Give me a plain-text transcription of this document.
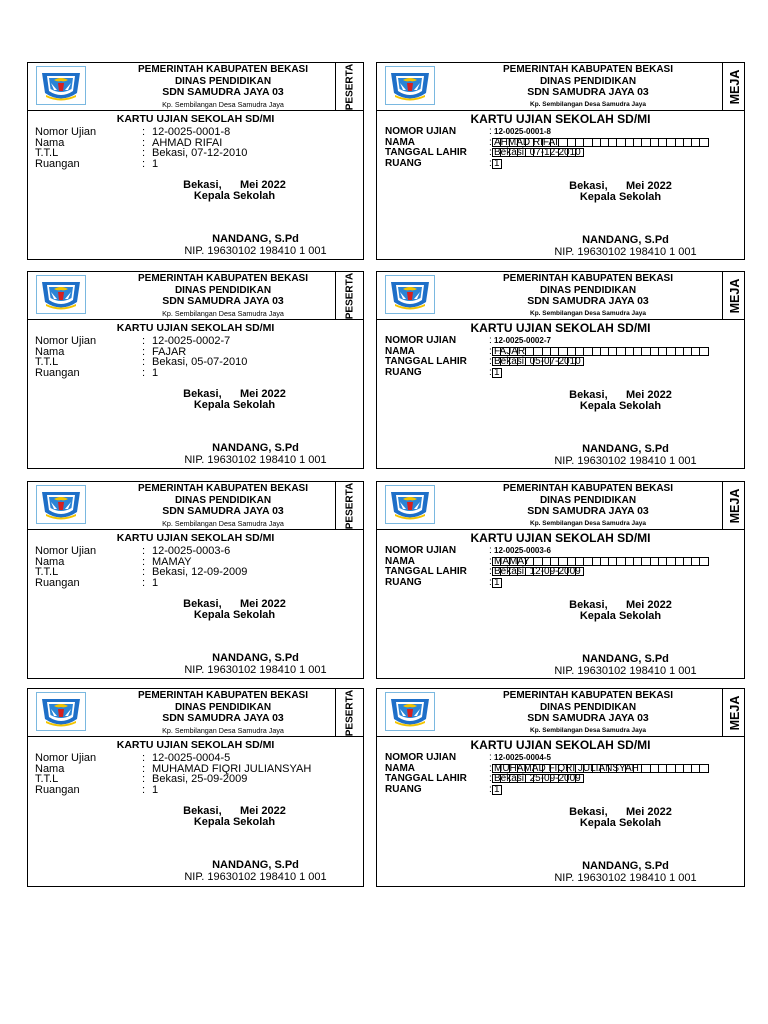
PEMERINTAH KABUPATEN BEKASI
DINAS PENDIDIKAN
SDN SAMUDRA JAYA 03
Kp. Sembilangan Desa Samudra Jaya	PESERTA
KARTU UJIAN SEKOLAH SD/MI
Nomor Ujian	: 12-0025-0001-8
Nama	: AHMAD RIFAI
T.T.L	: Bekasi, 07-12-2010
Ruangan	: 1
Bekasi,      Mei 2022
Kepala Sekolah
NANDANG, S.Pd
NIP. 19630102 198410 1 001
PEMERINTAH KABUPATEN BEKASI
DINAS PENDIDIKAN
SDN SAMUDRA JAYA 03
Kp. Sembilangan Desa Samudra Jaya	MEJA
KARTU UJIAN SEKOLAH SD/MI
NOMOR UJIAN	: 12-0025-0001-8
NAMA	: AHMAD RIFAI
TANGGAL LAHIR : Bekasi, 07-12-2010
RUANG	: 1
Bekasi,      Mei 2022
Kepala Sekolah
NANDANG, S.Pd
NIP. 19630102 198410 1 001
PEMERINTAH KABUPATEN BEKASI
DINAS PENDIDIKAN
SDN SAMUDRA JAYA 03
Kp. Sembilangan Desa Samudra Jaya	PESERTA
KARTU UJIAN SEKOLAH SD/MI
Nomor Ujian	: 12-0025-0002-7
Nama	: FAJAR
T.T.L	: Bekasi, 05-07-2010
Ruangan	: 1
Bekasi,      Mei 2022
Kepala Sekolah
NANDANG, S.Pd
NIP. 19630102 198410 1 001
PEMERINTAH KABUPATEN BEKASI
DINAS PENDIDIKAN
SDN SAMUDRA JAYA 03
Kp. Sembilangan Desa Samudra Jaya	MEJA
KARTU UJIAN SEKOLAH SD/MI
NOMOR UJIAN	: 12-0025-0002-7
NAMA	: FAJAR
TANGGAL LAHIR : Bekasi, 05-07-2010
RUANG	: 1
Bekasi,      Mei 2022
Kepala Sekolah
NANDANG, S.Pd
NIP. 19630102 198410 1 001
PEMERINTAH KABUPATEN BEKASI
DINAS PENDIDIKAN
SDN SAMUDRA JAYA 03
Kp. Sembilangan Desa Samudra Jaya	PESERTA
KARTU UJIAN SEKOLAH SD/MI
Nomor Ujian	: 12-0025-0003-6
Nama	: MAMAY
T.T.L	: Bekasi, 12-09-2009
Ruangan	: 1
Bekasi,      Mei 2022
Kepala Sekolah
NANDANG, S.Pd
NIP. 19630102 198410 1 001
PEMERINTAH KABUPATEN BEKASI
DINAS PENDIDIKAN
SDN SAMUDRA JAYA 03
Kp. Sembilangan Desa Samudra Jaya	MEJA
KARTU UJIAN SEKOLAH SD/MI
NOMOR UJIAN	: 12-0025-0003-6
NAMA	: MAMAY
TANGGAL LAHIR : Bekasi, 12-09-2009
RUANG	: 1
Bekasi,      Mei 2022
Kepala Sekolah
NANDANG, S.Pd
NIP. 19630102 198410 1 001
PEMERINTAH KABUPATEN BEKASI
DINAS PENDIDIKAN
SDN SAMUDRA JAYA 03
Kp. Sembilangan Desa Samudra Jaya	PESERTA
KARTU UJIAN SEKOLAH SD/MI
Nomor Ujian	: 12-0025-0004-5
Nama	: MUHAMAD FIQRI JULIANSYAH
T.T.L	: Bekasi, 25-09-2009
Ruangan	: 1
Bekasi,      Mei 2022
Kepala Sekolah
NANDANG, S.Pd
NIP. 19630102 198410 1 001
PEMERINTAH KABUPATEN BEKASI
DINAS PENDIDIKAN
SDN SAMUDRA JAYA 03
Kp. Sembilangan Desa Samudra Jaya	MEJA
KARTU UJIAN SEKOLAH SD/MI
NOMOR UJIAN	: 12-0025-0004-5
NAMA	: MUHAMAD FIQRI JULIANSYAH
TANGGAL LAHIR : Bekasi, 25-09-2009
RUANG	: 1
Bekasi,      Mei 2022
Kepala Sekolah
NANDANG, S.Pd
NIP. 19630102 198410 1 001
